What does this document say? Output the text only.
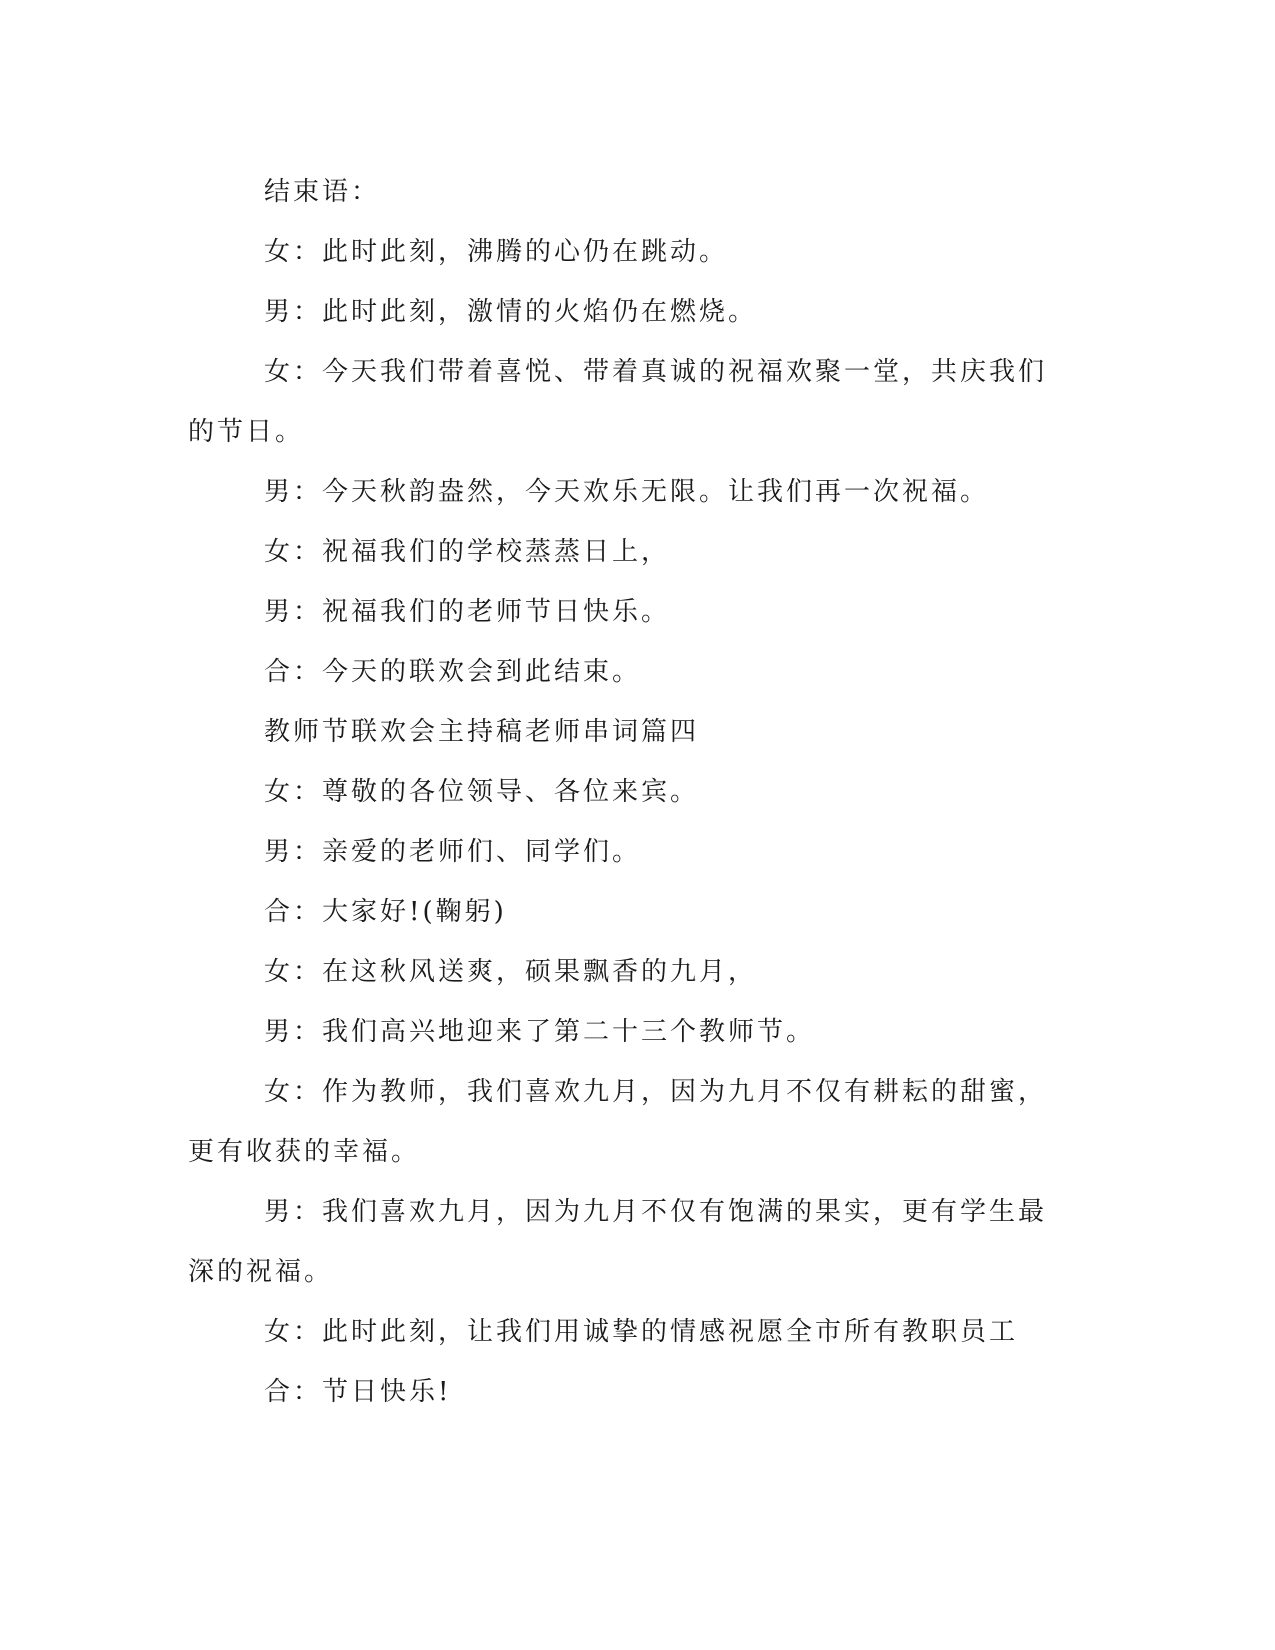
结束语：

女：此时此刻，沸腾的心仍在跳动。

男：此时此刻，激情的火焰仍在燃烧。

女：今天我们带着喜悦、带着真诚的祝福欢聚一堂，共庆我们的节日。

男：今天秋韵盎然，今天欢乐无限。让我们再一次祝福。

女：祝福我们的学校蒸蒸日上，

男：祝福我们的老师节日快乐。

合：今天的联欢会到此结束。

教师节联欢会主持稿老师串词篇四

女：尊敬的各位领导、各位来宾。

男：亲爱的老师们、同学们。

合：大家好!(鞠躬)

女：在这秋风送爽，硕果飘香的九月，

男：我们高兴地迎来了第二十三个教师节。

女：作为教师，我们喜欢九月，因为九月不仅有耕耘的甜蜜，更有收获的幸福。

男：我们喜欢九月，因为九月不仅有饱满的果实，更有学生最深的祝福。

女：此时此刻，让我们用诚挚的情感祝愿全市所有教职员工

合：节日快乐!
